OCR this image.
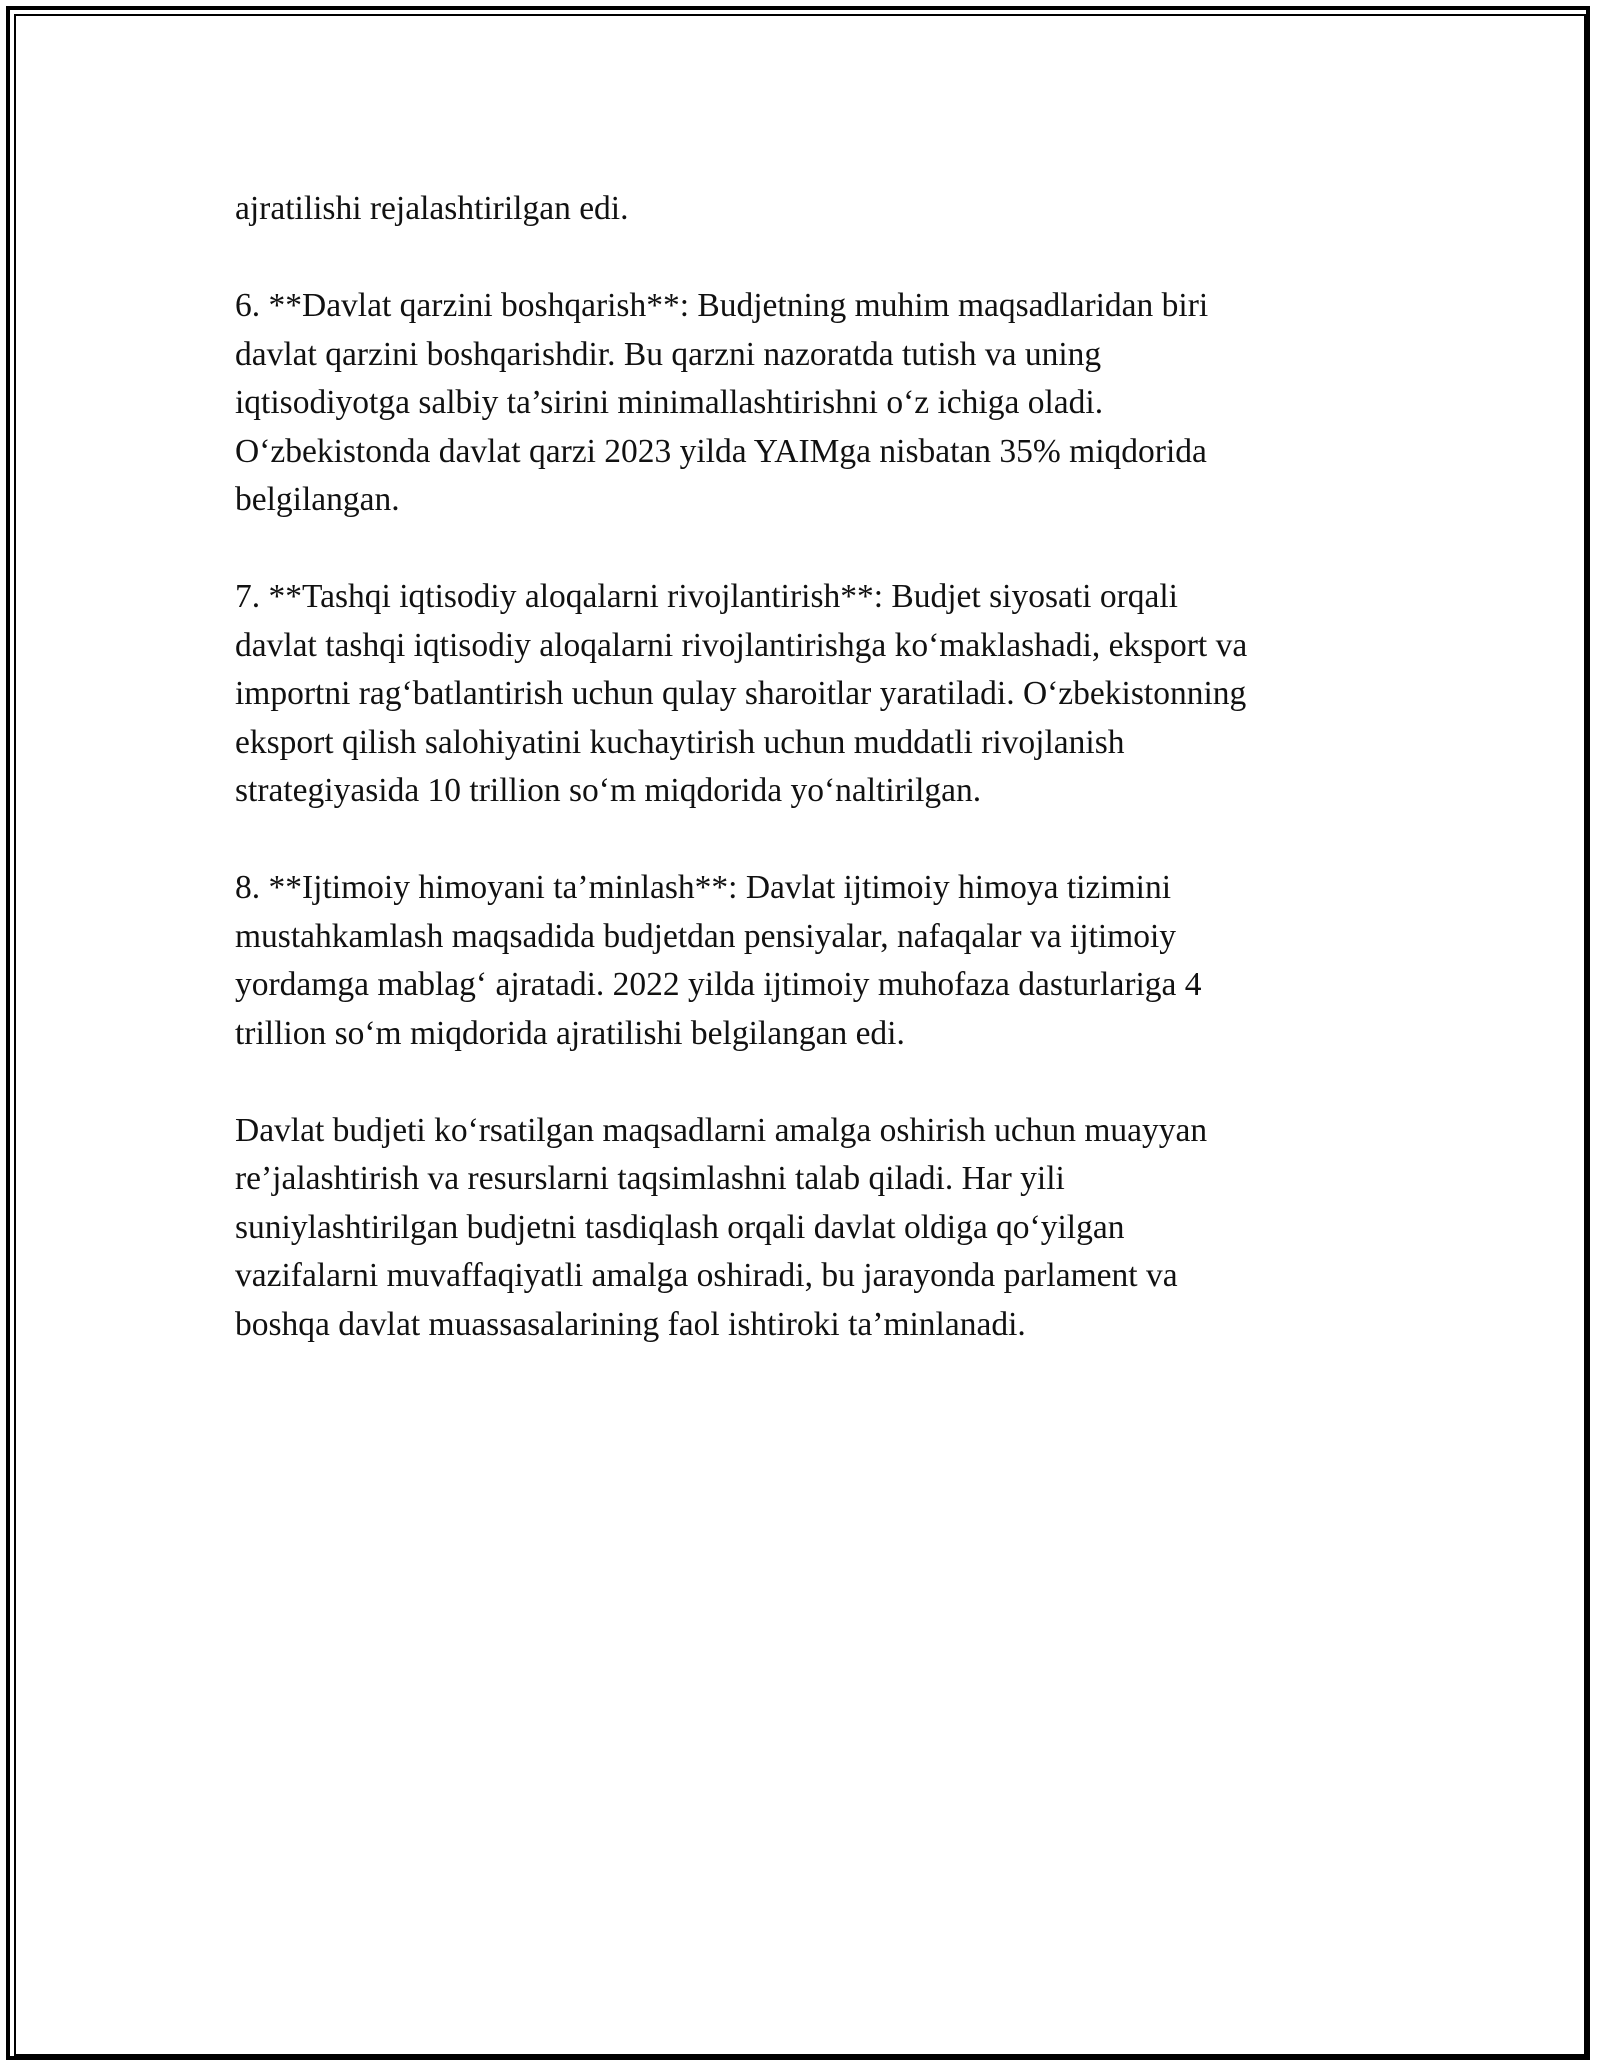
ajratilishi rejalashtirilgan edi.

6. **Davlat qarzini boshqarish**: Budjetning muhim maqsadlaridan biri
davlat qarzini boshqarishdir. Bu qarzni nazoratda tutish va uning
iqtisodiyotga salbiy ta’sirini minimallashtirishni o‘z ichiga oladi.
O‘zbekistonda davlat qarzi 2023 yilda YAIMga nisbatan 35% miqdorida
belgilangan.

7. **Tashqi iqtisodiy aloqalarni rivojlantirish**: Budjet siyosati orqali
davlat tashqi iqtisodiy aloqalarni rivojlantirishga ko‘maklashadi, eksport va
importni rag‘batlantirish uchun qulay sharoitlar yaratiladi. O‘zbekistonning
eksport qilish salohiyatini kuchaytirish uchun muddatli rivojlanish
strategiyasida 10 trillion so‘m miqdorida yo‘naltirilgan.

8. **Ijtimoiy himoyani ta’minlash**: Davlat ijtimoiy himoya tizimini
mustahkamlash maqsadida budjetdan pensiyalar, nafaqalar va ijtimoiy
yordamga mablag‘ ajratadi. 2022 yilda ijtimoiy muhofaza dasturlariga 4
trillion so‘m miqdorida ajratilishi belgilangan edi.

Davlat budjeti ko‘rsatilgan maqsadlarni amalga oshirish uchun muayyan
re’jalashtirish va resurslarni taqsimlashni talab qiladi. Har yili
suniylashtirilgan budjetni tasdiqlash orqali davlat oldiga qo‘yilgan
vazifalarni muvaffaqiyatli amalga oshiradi, bu jarayonda parlament va
boshqa davlat muassasalarining faol ishtiroki ta’minlanadi.
